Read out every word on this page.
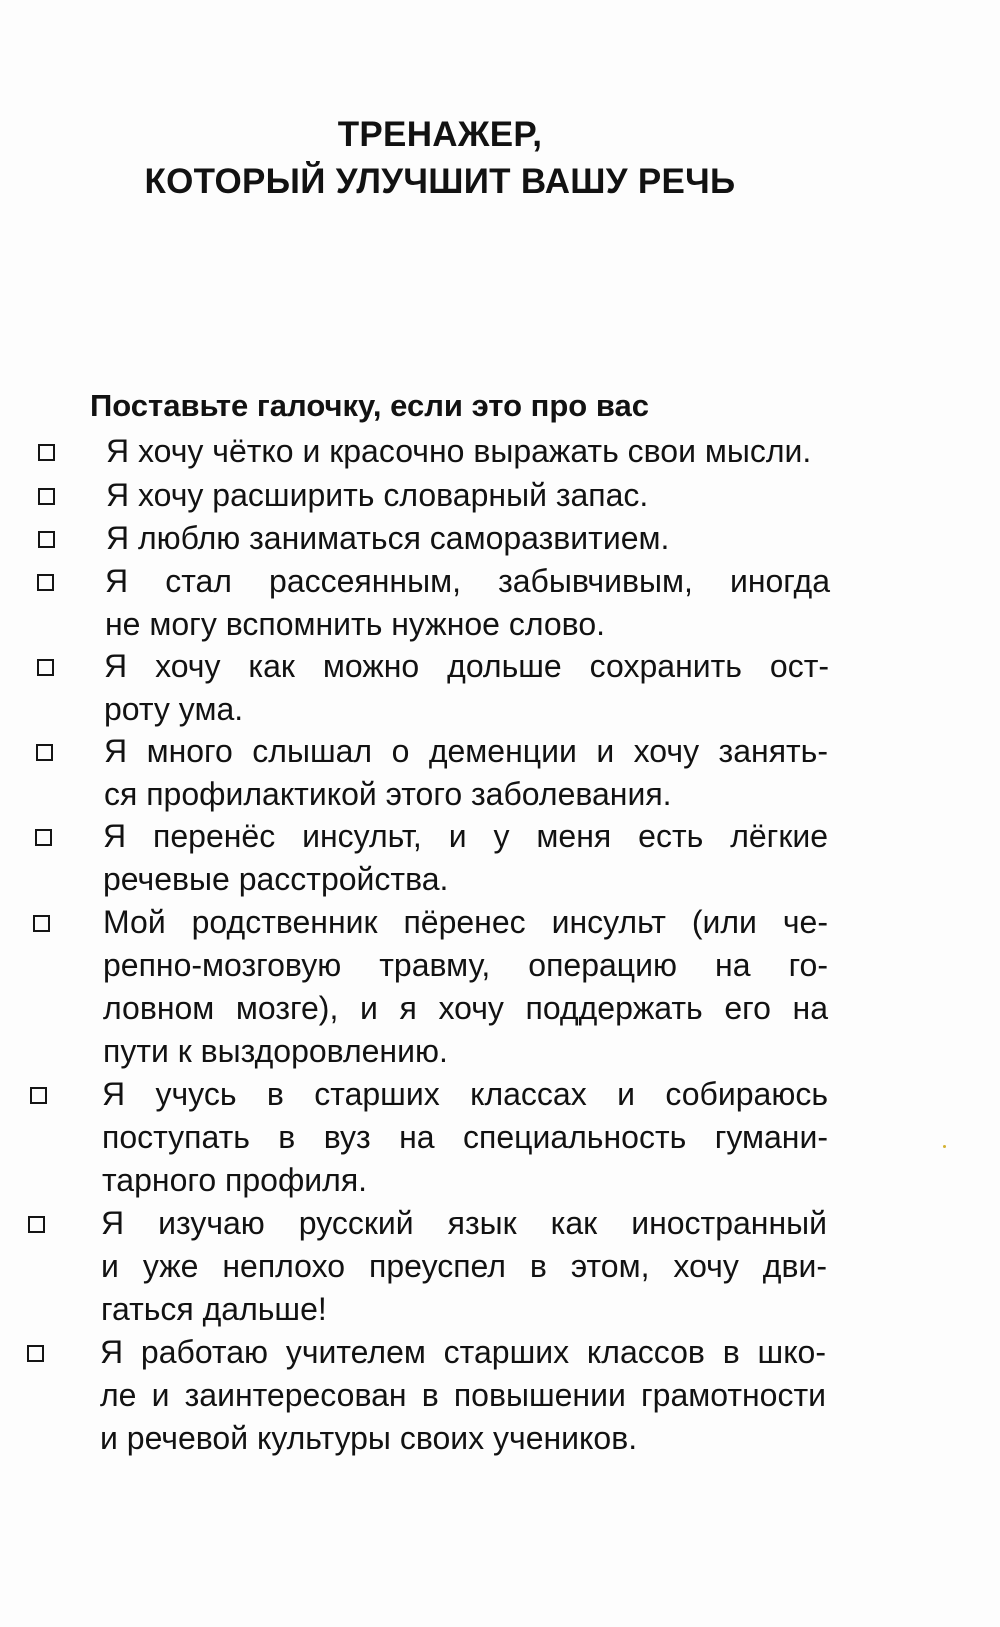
ТРЕНАЖЕР,
КОТОРЫЙ УЛУЧШИТ ВАШУ РЕЧЬ
Поставьте галочку, если это про вас
Я хочу чётко и красочно выражать свои мысли.
Я хочу расширить словарный запас.
Я люблю заниматься саморазвитием.
Я стал рассеянным, забывчивым, иногда
не могу вспомнить нужное слово.
Я хочу как можно дольше сохранить ост-
роту ума.
Я много слышал о деменции и хочу занять-
ся профилактикой этого заболевания.
Я перенёс инсульт, и у меня есть лёгкие
речевые расстройства.
Мой родственник пёренес инсульт (или че-
репно-мозговую травму, операцию на го-
ловном мозге), и я хочу поддержать его на
пути к выздоровлению.
Я учусь в старших классах и собираюсь
поступать в вуз на специальность гумани-
тарного профиля.
Я изучаю русский язык как иностранный
и уже неплохо преуспел в этом, хочу дви-
гаться дальше!
Я работаю учителем старших классов в шко-
ле и заинтересован в повышении грамотности
и речевой культуры своих учеников.
